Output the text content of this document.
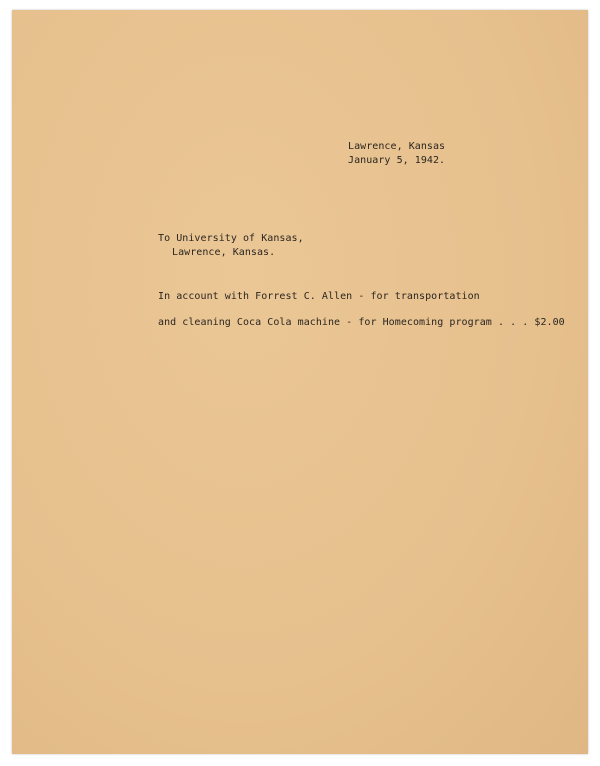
Lawrence, Kansas

January 5, 1942.

To University of Kansas,

Lawrence, Kansas.

In account with Forrest C. Allen - for transportation

and cleaning Coca Cola machine - for Homecoming program . . . $2.00
